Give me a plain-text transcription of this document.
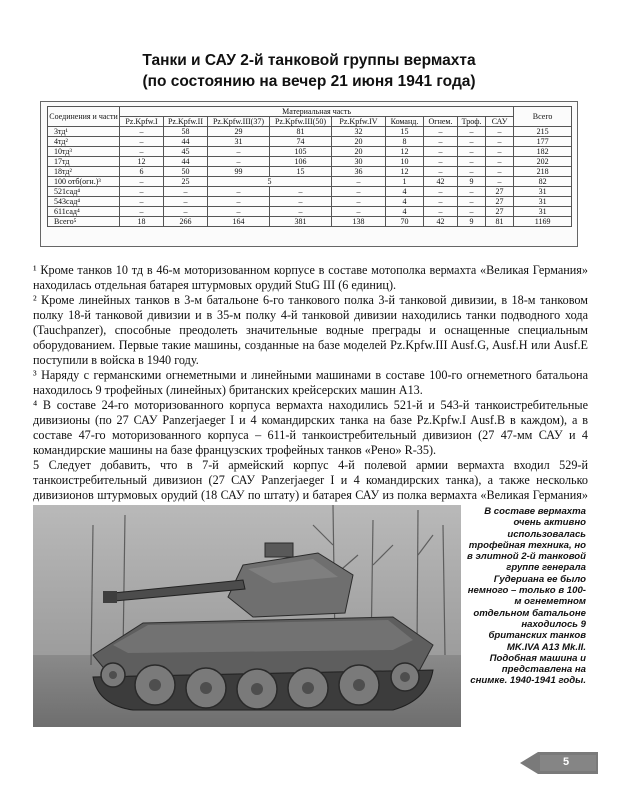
Танки и САУ 2-й танковой группы вермахта
(по состоянию на вечер 21 июня 1941 года)
Соединения и части	Материальная часть									Всего
	Pz.Kpfw.I	Pz.Kpfw.II	Pz.Kpfw.III(37)	Pz.Kpfw.III(50)	Pz.Kpfw.IV	Команд.	Огнем.	Троф.	САУ	
3тд¹	–	58	29	81	32	15	–	–	–	215
4тд²	–	44	31	74	20	8	–	–	–	177
10тд³	–	45	–	105	20	12	–	–	–	182
17тд	12	44	–	106	30	10	–	–	–	202
18тд²	6	50	99	15	36	12	–	–	–	218
100 отб(огн.)³	–	25	5		–	1	42	9	–	82
521сад⁴	–	–	–	–	–	4	–	–	27	31
543сад⁴	–	–	–	–	–	4	–	–	27	31
611сад⁴	–	–	–	–	–	4	–	–	27	31
Всего⁵	18	266	164	381	138	70	42	9	81	1169

¹ Кроме танков 10 тд в 46-м моторизованном корпусе в составе мотополка вермахта «Великая Германия» находилась отдельная батарея штурмовых орудий StuG III (6 единиц).

² Кроме линейных танков в 3-м батальоне 6-го танкового полка 3-й танковой дивизии, в 18-м танковом полку 18-й танковой дивизии и в 35-м полку 4-й танковой дивизии находились танки подводного хода (Tauchpanzer), способные преодолеть значительные водные преграды и оснащенные специальным оборудованием. Первые такие машины, созданные на базе моделей Pz.Kpfw.III Ausf.G, Ausf.H или Ausf.E поступили в войска в 1940 году.

³ Наряду с германскими огнеметными и линейными машинами в составе 100-го огнеметного батальона находилось 9 трофейных (линейных) британских крейсерских машин А13.

⁴ В составе 24-го моторизованного корпуса вермахта находились 521-й и 543-й танкоистребительные дивизионы (по 27 САУ Panzerjaeger I и 4 командирских танка на базе Pz.Kpfw.I Ausf.B в каждом), а в составе 47-го моторизованного корпуса – 611-й танкоистребительный дивизион (27 47-мм САУ и 4 командирские машины на базе французских трофейных танков «Рено» R-35).

5 Следует добавить, что в 7-й армейский корпус 4-й полевой армии вермахта входил 529-й танкоистребительный дивизион (27 САУ Panzerjaeger I и 4 командирских танка), а также несколько дивизионов штурмовых орудий (18 САУ по штату) и батарея САУ из полка вермахта «Великая Германия»

В составе вермахта очень активно использовалась трофейная техника, но в элитной 2-й танковой группе генерала Гудериана ее было немного – только в 100-м огнеметном отдельном батальоне находилось 9 британских танков MK.IVA A13 Mk.II. Подобная машина и представлена на снимке. 1940-1941 годы.
5
